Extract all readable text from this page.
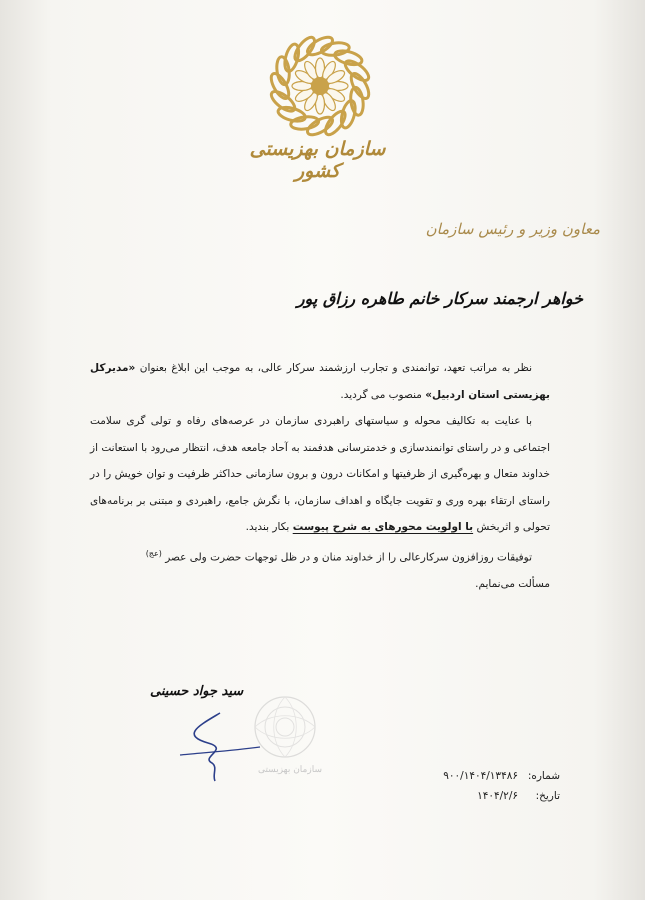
سازمان بهزیستی کشور
معاون وزیر و رئیس سازمان
خواهر ارجمند سرکار خانم طاهره رزاق پور

نظر به مراتب تعهد، توانمندی و تجارب ارزشمند سرکار عالی، به موجب این ابلاغ بعنوان «مدیرکل بهزیستی استان اردبیل» منصوب می گردید.

با عنایت به تکالیف محوله و سیاستهای راهبردی سازمان در عرصه‌های رفاه و تولی گری سلامت اجتماعی و در راستای توانمندسازی و خدمترسانی هدفمند به آحاد جامعه هدف، انتظار می‌رود با استعانت از خداوند متعال و بهره‌گیری از ظرفیتها و امکانات درون و برون سازمانی حداکثر ظرفیت و توان خویش را در راستای ارتقاء بهره وری و تقویت جایگاه و اهداف سازمان، با نگرش جامع، راهبردی و مبتنی بر برنامه‌های تحولی و اثربخش با اولویت محورهای به شرح پیوست بکار بندید.

توفیقات روزافزون سرکارعالی را از خداوند منان و در ظل توجهات حضرت ولی عصر $^{(عج)}$

مسألت می‌نمایم.

سید جواد حسینی
سازمان بهزیستی	شماره:
۹۰۰/۱۴۰۴/۱۳۴۸۶
تاریخ:
۱۴۰۴/۲/۶
